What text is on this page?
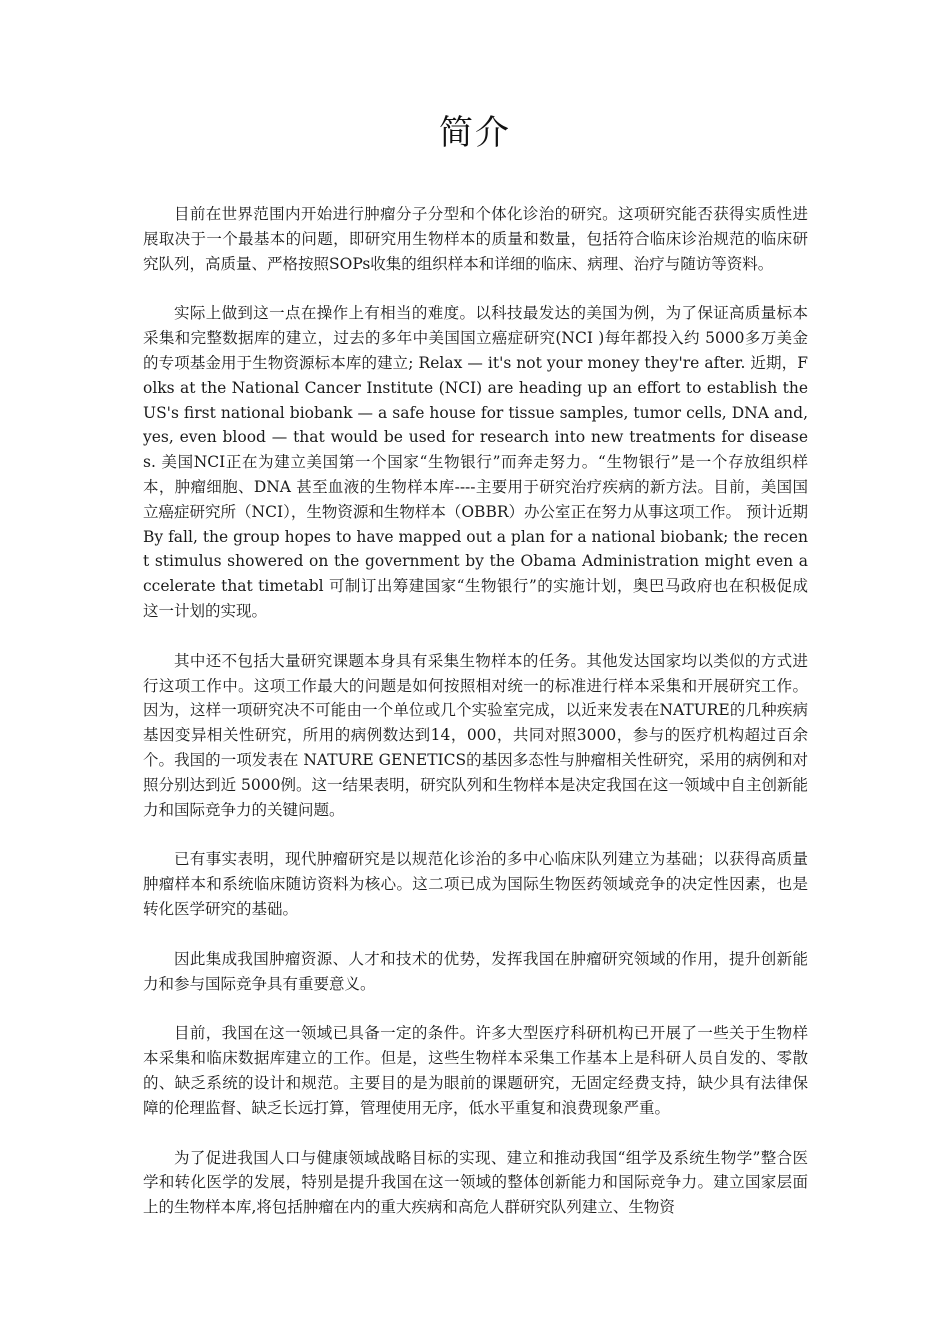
简介

目前在世界范围内开始进行肿瘤分子分型和个体化诊治的研究。这项研究能否获得实质性进展取决于一个最基本的问题，即研究用生物样本的质量和数量，包括符合临床诊治规范的临床研究队列，高质量、严格按照SOPs收集的组织样本和详细的临床、病理、治疗与随访等资料。

实际上做到这一点在操作上有相当的难度。以科技最发达的美国为例，为了保证高质量标本采集和完整数据库的建立，过去的多年中美国国立癌症研究(NCI )每年都投入约 5000多万美金的专项基金用于生物资源标本库的建立; Relax — it's not your money they're after. 近期，Folks at the National Cancer Institute (NCI) are heading up an effort to establish the US's first national biobank — a safe house for tissue samples, tumor cells, DNA and, yes, even blood — that would be used for research into new treatments for diseases. 美国NCI正在为建立美国第一个国家“生物银行”而奔走努力。“生物银行”是一个存放组织样本，肿瘤细胞、DNA 甚至血液的生物样本库----主要用于研究治疗疾病的新方法。目前，美国国立癌症研究所（NCI），生物资源和生物样本（OBBR）办公室正在努力从事这项工作。 预计近期 By fall, the group hopes to have mapped out a plan for a national biobank; the recent stimulus showered on the government by the Obama Administration might even accelerate that timetabl 可制订出筹建国家“生物银行”的实施计划，奥巴马政府也在积极促成这一计划的实现。

其中还不包括大量研究课题本身具有采集生物样本的任务。其他发达国家均以类似的方式进行这项工作中。这项工作最大的问题是如何按照相对统一的标准进行样本采集和开展研究工作。因为，这样一项研究决不可能由一个单位或几个实验室完成，以近来发表在NATURE的几种疾病基因变异相关性研究，所用的病例数达到14，000，共同对照3000，参与的医疗机构超过百余个。我国的一项发表在 NATURE GENETICS的基因多态性与肿瘤相关性研究，采用的病例和对照分别达到近 5000例。这一结果表明，研究队列和生物样本是决定我国在这一领域中自主创新能力和国际竞争力的关键问题。

已有事实表明，现代肿瘤研究是以规范化诊治的多中心临床队列建立为基础；以获得高质量肿瘤样本和系统临床随访资料为核心。这二项已成为国际生物医药领域竞争的决定性因素，也是转化医学研究的基础。

因此集成我国肿瘤资源、人才和技术的优势，发挥我国在肿瘤研究领域的作用，提升创新能力和参与国际竞争具有重要意义。

目前，我国在这一领域已具备一定的条件。许多大型医疗科研机构已开展了一些关于生物样本采集和临床数据库建立的工作。但是，这些生物样本采集工作基本上是科研人员自发的、零散的、缺乏系统的设计和规范。主要目的是为眼前的课题研究，无固定经费支持，缺少具有法律保障的伦理监督、缺乏长远打算，管理使用无序，低水平重复和浪费现象严重。

为了促进我国人口与健康领域战略目标的实现、建立和推动我国“组学及系统生物学”整合医学和转化医学的发展，特别是提升我国在这一领域的整体创新能力和国际竞争力。建立国家层面上的生物样本库,将包括肿瘤在内的重大疾病和高危人群研究队列建立、生物资
